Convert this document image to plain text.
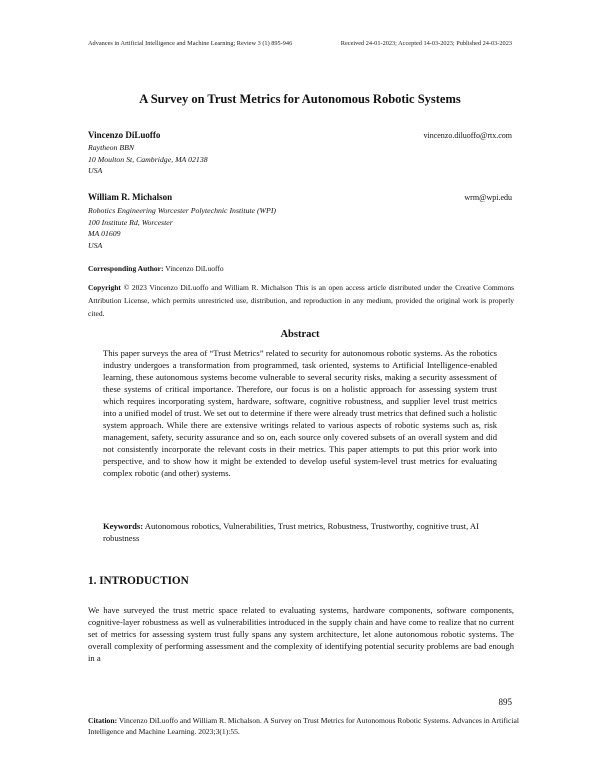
Advances in Artificial Intelligence and Machine Learning; Review 3 (1) 895-946	Received 24-01-2023; Accepted 14-03-2023; Published 24-03-2023
A Survey on Trust Metrics for Autonomous Robotic Systems
Vincenzo DiLuoffo	vincenzo.diluoffo@rtx.com
Raytheon BBN
10 Moulton St, Cambridge, MA 02138
USA
William R. Michalson	wrm@wpi.edu
Robotics Engineering Worcester Polytechnic Institute (WPI)
100 Institute Rd, Worcester
MA 01609
USA
Corresponding Author: Vincenzo DiLuoffo
Copyright © 2023 Vincenzo DiLuoffo and William R. Michalson This is an open access article distributed under the Creative Commons Attribution License, which permits unrestricted use, distribution, and reproduction in any medium, provided the original work is properly cited.
Abstract
This paper surveys the area of “Trust Metrics” related to security for autonomous robotic systems. As the robotics industry undergoes a transformation from programmed, task oriented, systems to Artificial Intelligence-enabled learning, these autonomous systems become vulnerable to several security risks, making a security assessment of these systems of critical importance. Therefore, our focus is on a holistic approach for assessing system trust which requires incorporating system, hardware, software, cognitive robustness, and supplier level trust metrics into a unified model of trust. We set out to determine if there were already trust metrics that defined such a holistic system approach. While there are extensive writings related to various aspects of robotic systems such as, risk management, safety, security assurance and so on, each source only covered subsets of an overall system and did not consistently incorporate the relevant costs in their metrics. This paper attempts to put this prior work into perspective, and to show how it might be extended to develop useful system-level trust metrics for evaluating complex robotic (and other) systems.
Keywords: Autonomous robotics, Vulnerabilities, Trust metrics, Robustness, Trustworthy, cognitive trust, AI robustness
1. INTRODUCTION
We have surveyed the trust metric space related to evaluating systems, hardware components, software components, cognitive-layer robustness as well as vulnerabilities introduced in the supply chain and have come to realize that no current set of metrics for assessing system trust fully spans any system architecture, let alone autonomous robotic systems. The overall complexity of performing assessment and the complexity of identifying potential security problems are bad enough in a
895
Citation: Vincenzo DiLuoffo and William R. Michalson. A Survey on Trust Metrics for Autonomous Robotic Systems. Advances in Artificial Intelligence and Machine Learning. 2023;3(1):55.
